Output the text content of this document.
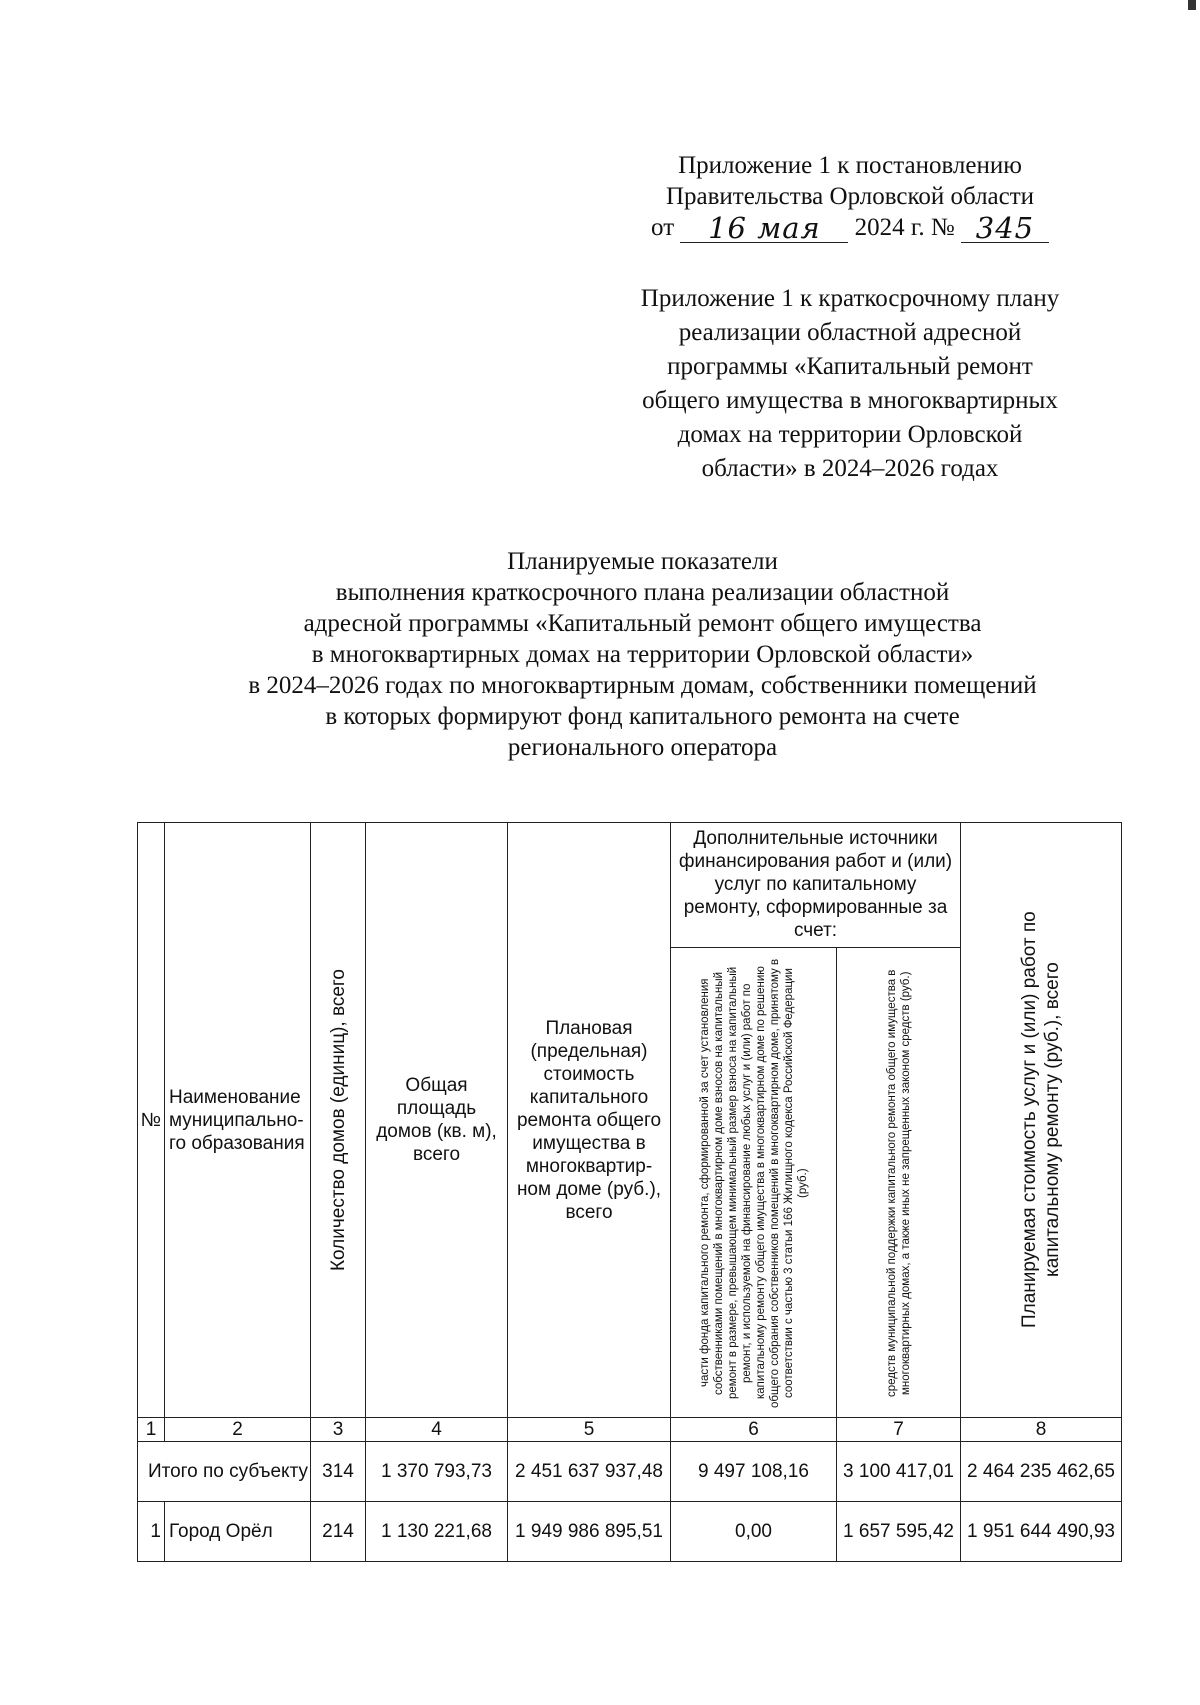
Приложение 1 к постановлению
Правительства Орловской области
от 16 мая 2024 г. № 345
Приложение 1 к краткосрочному плану
реализации областной адресной
программы «Капитальный ремонт
общего имущества в многоквартирных
домах на территории Орловской
области» в 2024–2026 годах
Планируемые показатели
выполнения краткосрочного плана реализации областной
адресной программы «Капитальный ремонт общего имущества
в многоквартирных домах на территории Орловской области»
в 2024–2026 годах по многоквартирным домам, собственники помещений
в которых формируют фонд капитального ремонта на счете
регионального оператора
№	Наименование муниципально-го образования	Количество домов (единиц), всего	Общая площадь домов (кв. м), всего	Плановая (предельная) стоимость капитального ремонта общего имущества в многоквартир-ном доме (руб.), всего	Дополнительные источники финансирования работ и (или) услуг по капитальному ремонту, сформированные за счет:		Планируемая стоимость услуг и (или) работ по капитальному ремонту (руб.), всего

					части фонда капитального ремонта, сформированной за счет установления собственниками помещений в многоквартирном доме взносов на капитальный ремонт в размере, превышающем минимальный размер взноса на капитальный ремонт, и используемой на финансирование любых услуг и (или) работ по капитальному ремонту общего имущества в многоквартирном доме по решению общего собрания собственников помещений в многоквартирном доме, принятому в соответствии с частью 3 статьи 166 Жилищного кодекса Российской Федерации (руб.)	средств муниципальной поддержки капитального ремонта общего имущества в многоквартирных домах, а также иных не запрещенных законом средств (руб.)	

1	2	3	4	5	6	7	8
Итого по субъекту		314	1 370 793,73	2 451 637 937,48	9 497 108,16	3 100 417,01	2 464 235 462,65
1	Город Орёл	214	1 130 221,68	1 949 986 895,51	0,00	1 657 595,42	1 951 644 490,93
